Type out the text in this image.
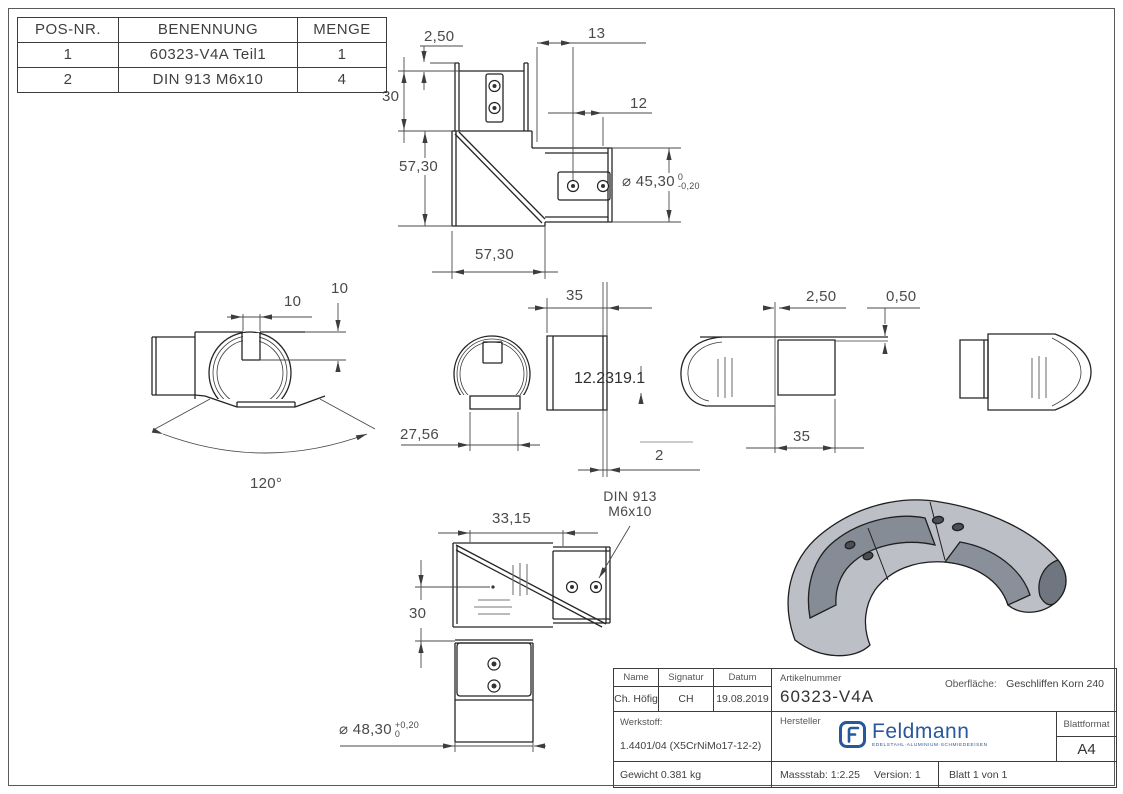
2,50	13
30	12
57,30
57,30
⌀ 45,30 0
-0,20
10
10
120°
35
27,56
12.2319.1
2
2,50	0,50
35
33,15
30
⌀ 48,30 +0,20
0
DIN 913
M6x10
POS-NR.	BENENNUNG	MENGE
1	60323-V4A Teil1	1
2	DIN 913 M6x10	4
Name	Signatur	Datum
Ch. Höfig	CH	19.08.2019
Werkstoff:
1.4401/04 (X5CrNiMo17-12-2)
Gewicht 0.381 kg
Artikelnummer
60323-V4A
Oberfläche: Geschliffen Korn 240
Hersteller Feldmann
EDELSTAHL·ALUMINIUM·SCHMIEDEEISEN
Blattformat
A4
Massstab: 1:2.25 Version: 1	Blatt 1 von 1
